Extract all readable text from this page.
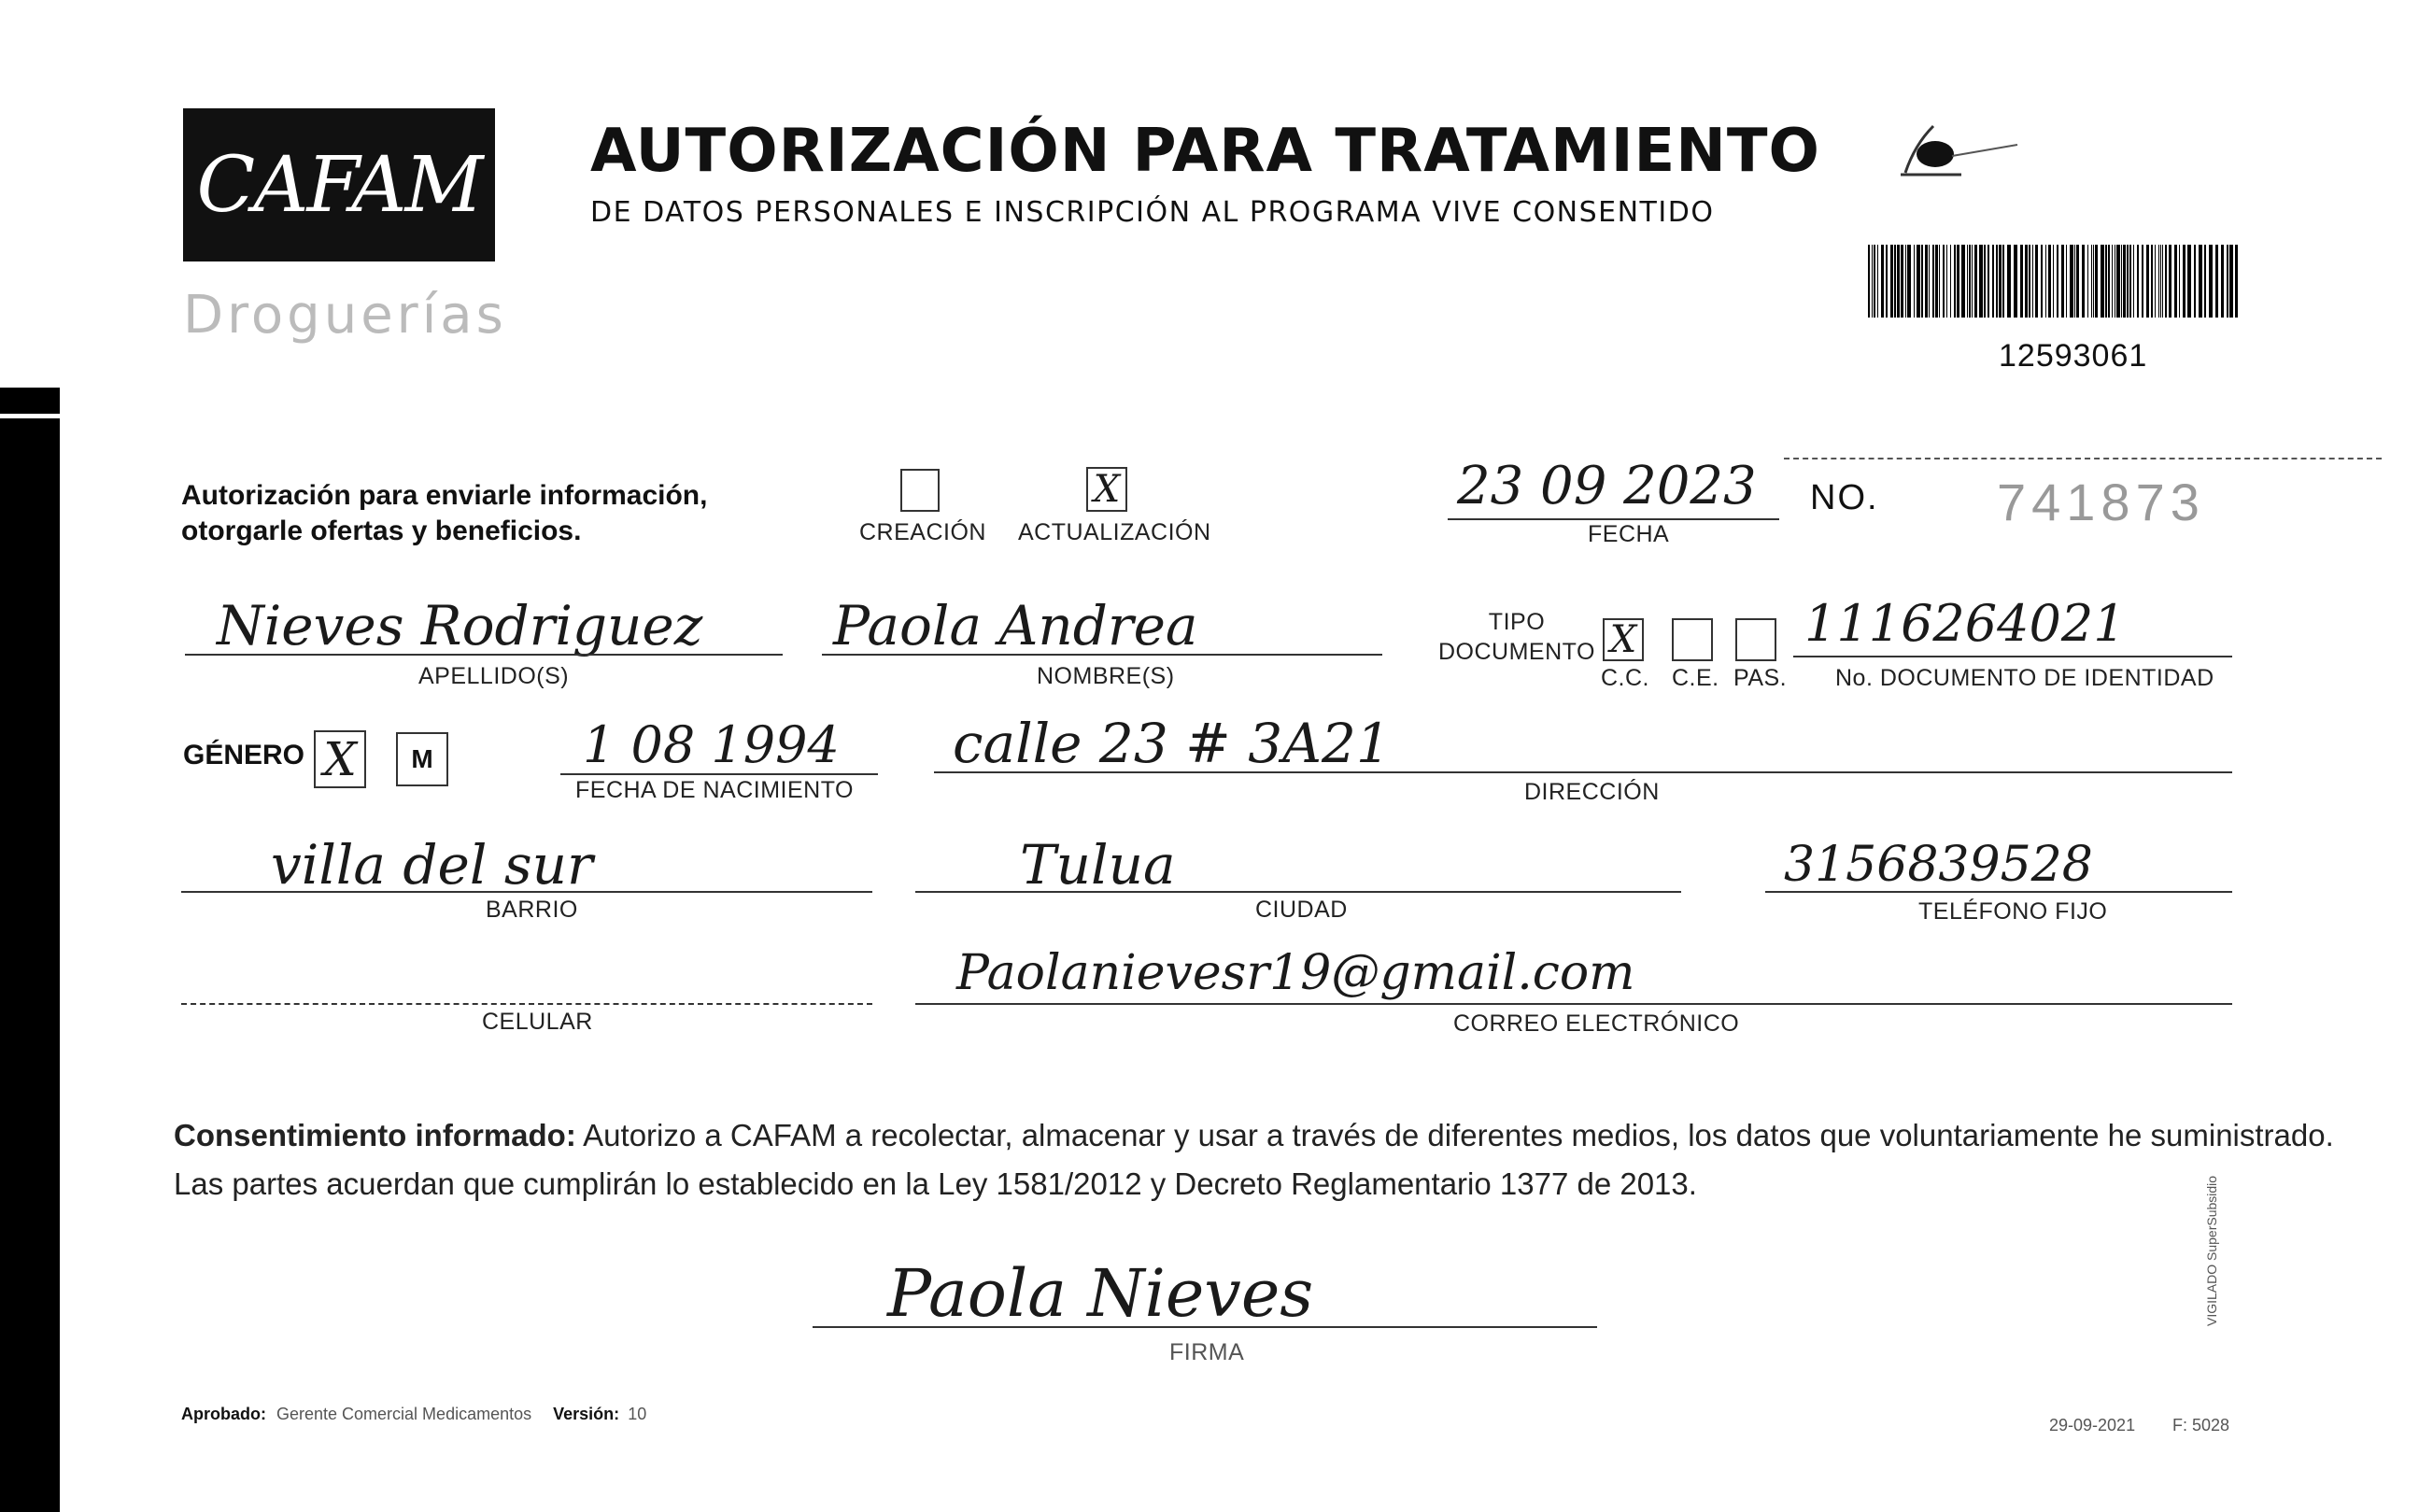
CAFAM
Droguerías
AUTORIZACIÓN PARA TRATAMIENTO
DE DATOS PERSONALES E INSCRIPCIÓN AL PROGRAMA VIVE CONSENTIDO
12593061
Autorización para enviarle información,
otorgarle ofertas y beneficios.	CREACIÓN
X
ACTUALIZACIÓN
23 09 2023
FECHA
NO. 741873
Nieves Rodriguez
APELLIDO(S)
Paola Andrea
NOMBRE(S)
TIPO
DOCUMENTO X
C.C. C.E. PAS.
1116264021
No. DOCUMENTO DE IDENTIDAD
GÉNERO X M	1 08 1994
FECHA DE NACIMIENTO
calle 23 # 3A21
DIRECCIÓN
villa del sur
BARRIO
Tulua
CIUDAD
3156839528
TELÉFONO FIJO
CELULAR
Paolanievesr19@gmail.com
CORREO ELECTRÓNICO
Consentimiento informado: Autorizo a CAFAM a recolectar, almacenar y usar a través de diferentes medios, los datos que voluntariamente he suministrado.
Las partes acuerdan que cumplirán lo establecido en la Ley 1581/2012 y Decreto Reglamentario 1377 de 2013.
Paola Nieves
FIRMA
Aprobado: Gerente Comercial Medicamentos Versión: 10
29-09-2021 F: 5028
VIGILADO SuperSubsidio
